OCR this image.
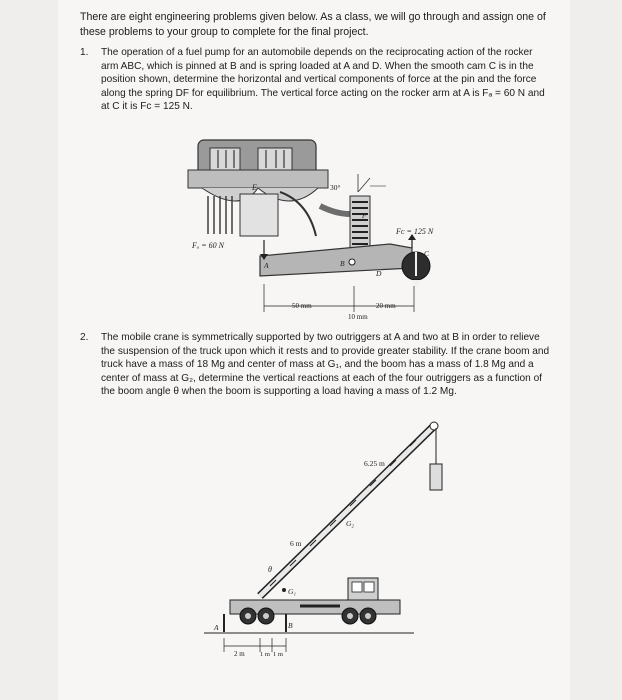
There are eight engineering problems given below. As a class, we will go through and assign one of these problems to your group to complete for the final project.
1. The operation of a fuel pump for an automobile depends on the reciprocating action of the rocker arm ABC, which is pinned at B and is spring loaded at A and D. When the smooth cam C is in the position shown, determine the horizontal and vertical components of force at the pin and the force along the spring DF for equilibrium. The vertical force acting on the rocker arm at A is Fₐ = 60 N and at C it is Fᴄ = 125 N.
E
F
30°
B
D
A
Fₐ = 60 N
C
Fᴄ = 125 N
50 mm	20 mm
10 mm
2. The mobile crane is symmetrically supported by two outriggers at A and two at B in order to relieve the suspension of the truck upon which it rests and to provide greater stability. If the crane boom and truck have a mass of 18 Mg and center of mass at G₁, and the boom has a mass of 1.8 Mg and a center of mass at G₂, determine the vertical reactions at each of the four outriggers as a function of the boom angle θ when the boom is supporting a load having a mass of 1.2 Mg.
6.25 m
G₂
6 m
θ
G₁
A	B
2 m 1 m 1 m
